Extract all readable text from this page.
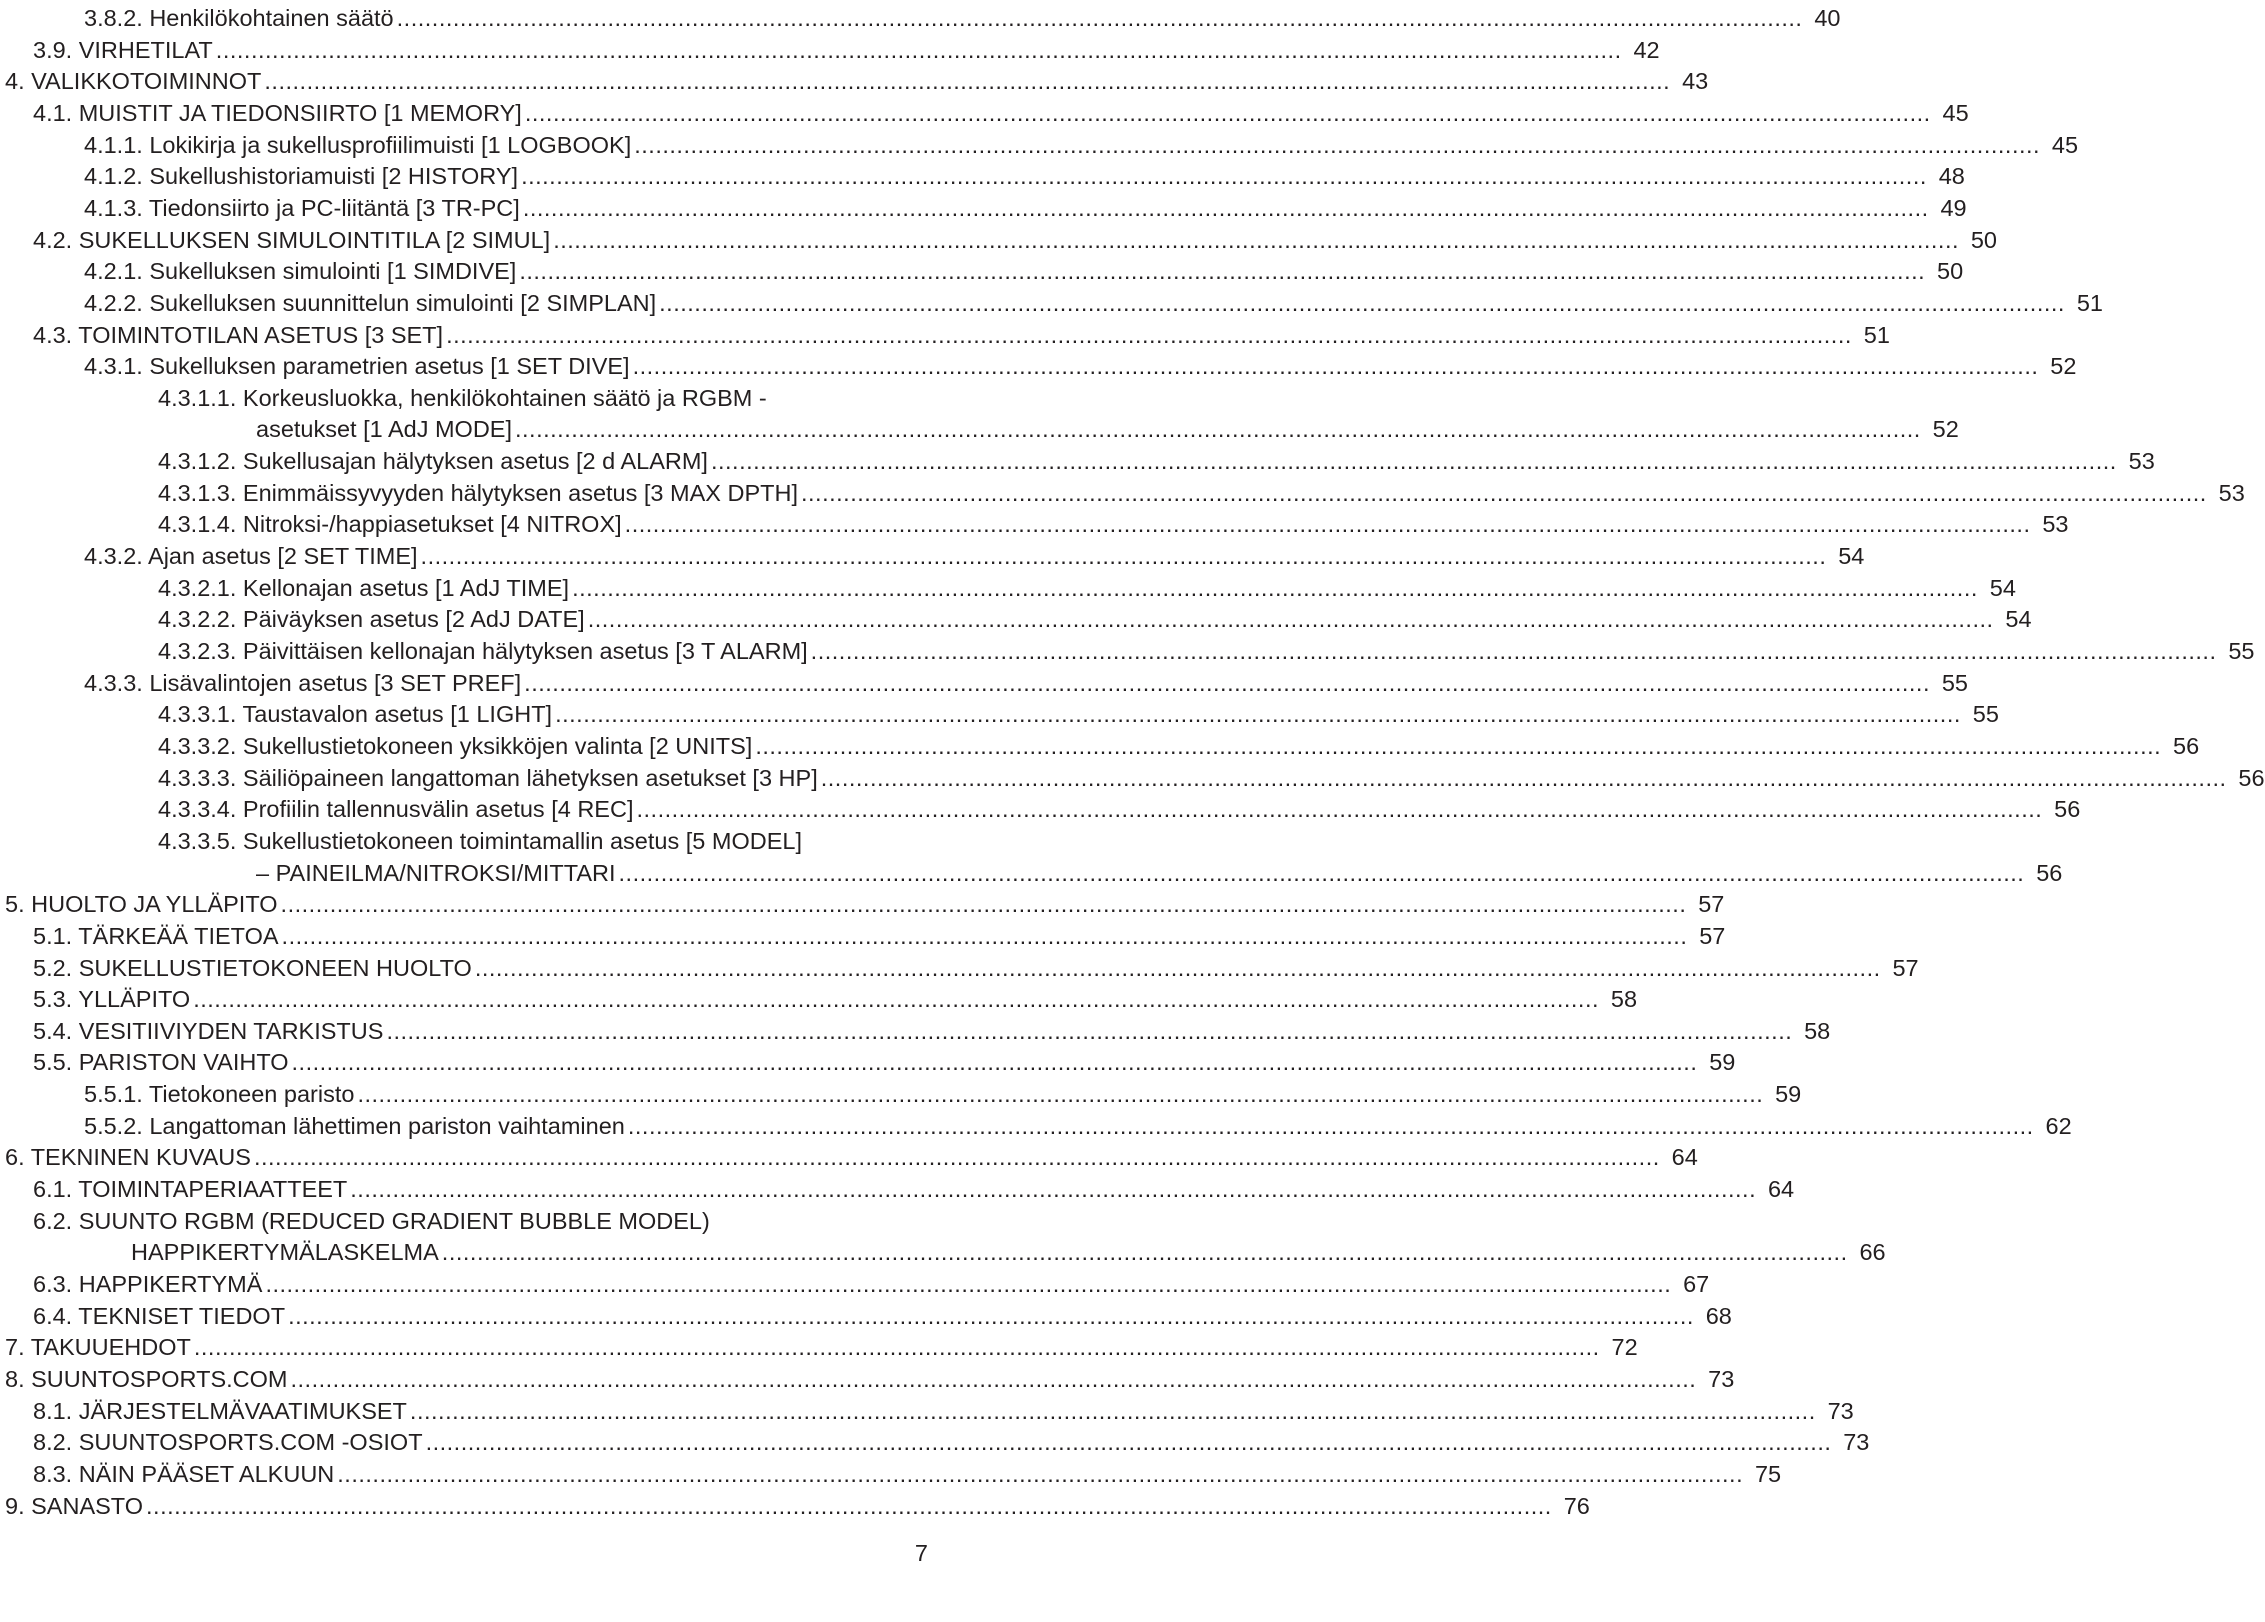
3.8.2. Henkilökohtainen säätö ........................................................................................................................................................................................................ 40
3.9. VIRHETILAT ........................................................................................................................................................................................................ 42
4. VALIKKOTOIMINNOT ........................................................................................................................................................................................................ 43
4.1. MUISTIT JA TIEDONSIIRTO [1 MEMORY] ........................................................................................................................................................................................................ 45
4.1.1. Lokikirja ja sukellusprofiilimuisti [1 LOGBOOK] ........................................................................................................................................................................................................ 45
4.1.2. Sukellushistoriamuisti [2 HISTORY] ........................................................................................................................................................................................................ 48
4.1.3. Tiedonsiirto ja PC-liitäntä [3 TR-PC] ........................................................................................................................................................................................................ 49
4.2. SUKELLUKSEN SIMULOINTITILA [2 SIMUL] ........................................................................................................................................................................................................ 50
4.2.1. Sukelluksen simulointi [1 SIMDIVE] ........................................................................................................................................................................................................ 50
4.2.2. Sukelluksen suunnittelun simulointi [2 SIMPLAN] ........................................................................................................................................................................................................ 51
4.3. TOIMINTOTILAN ASETUS [3 SET] ........................................................................................................................................................................................................ 51
4.3.1. Sukelluksen parametrien asetus [1 SET DIVE] ........................................................................................................................................................................................................ 52
4.3.1.1. Korkeusluokka, henkilökohtainen säätö ja RGBM -
asetukset [1 AdJ MODE] ........................................................................................................................................................................................................ 52
4.3.1.2. Sukellusajan hälytyksen asetus [2 d ALARM] ........................................................................................................................................................................................................ 53
4.3.1.3. Enimmäissyvyyden hälytyksen asetus [3 MAX DPTH] ........................................................................................................................................................................................................ 53
4.3.1.4. Nitroksi-/happiasetukset [4 NITROX] ........................................................................................................................................................................................................ 53
4.3.2. Ajan asetus [2 SET TIME] ........................................................................................................................................................................................................ 54
4.3.2.1. Kellonajan asetus [1 AdJ TIME] ........................................................................................................................................................................................................ 54
4.3.2.2. Päiväyksen asetus [2 AdJ DATE] ........................................................................................................................................................................................................ 54
4.3.2.3. Päivittäisen kellonajan hälytyksen asetus [3 T ALARM] ........................................................................................................................................................................................................ 55
4.3.3. Lisävalintojen asetus [3 SET PREF] ........................................................................................................................................................................................................ 55
4.3.3.1. Taustavalon asetus [1 LIGHT] ........................................................................................................................................................................................................ 55
4.3.3.2. Sukellustietokoneen yksikköjen valinta [2 UNITS] ........................................................................................................................................................................................................ 56
4.3.3.3. Säiliöpaineen langattoman lähetyksen asetukset [3 HP] ........................................................................................................................................................................................................ 56
4.3.3.4. Profiilin tallennusvälin asetus [4 REC] ........................................................................................................................................................................................................ 56
4.3.3.5. Sukellustietokoneen toimintamallin asetus [5 MODEL]
– PAINEILMA/NITROKSI/MITTARI ........................................................................................................................................................................................................ 56
5. HUOLTO JA YLLÄPITO ........................................................................................................................................................................................................ 57
5.1. TÄRKEÄÄ TIETOA ........................................................................................................................................................................................................ 57
5.2. SUKELLUSTIETOKONEEN HUOLTO ........................................................................................................................................................................................................ 57
5.3. YLLÄPITO ........................................................................................................................................................................................................ 58
5.4. VESITIIVIYDEN TARKISTUS ........................................................................................................................................................................................................ 58
5.5. PARISTON VAIHTO ........................................................................................................................................................................................................ 59
5.5.1. Tietokoneen paristo ........................................................................................................................................................................................................ 59
5.5.2. Langattoman lähettimen pariston vaihtaminen ........................................................................................................................................................................................................ 62
6. TEKNINEN KUVAUS ........................................................................................................................................................................................................ 64
6.1. TOIMINTAPERIAATTEET ........................................................................................................................................................................................................ 64
6.2. SUUNTO RGBM (REDUCED GRADIENT BUBBLE MODEL)
HAPPIKERTYMÄLASKELMA ........................................................................................................................................................................................................ 66
6.3. HAPPIKERTYMÄ ........................................................................................................................................................................................................ 67
6.4. TEKNISET TIEDOT ........................................................................................................................................................................................................ 68
7. TAKUUEHDOT ........................................................................................................................................................................................................ 72
8. SUUNTOSPORTS.COM ........................................................................................................................................................................................................ 73
8.1. JÄRJESTELMÄVAATIMUKSET ........................................................................................................................................................................................................ 73
8.2. SUUNTOSPORTS.COM -OSIOT ........................................................................................................................................................................................................ 73
8.3. NÄIN PÄÄSET ALKUUN ........................................................................................................................................................................................................ 75
9. SANASTO ........................................................................................................................................................................................................ 76
7
